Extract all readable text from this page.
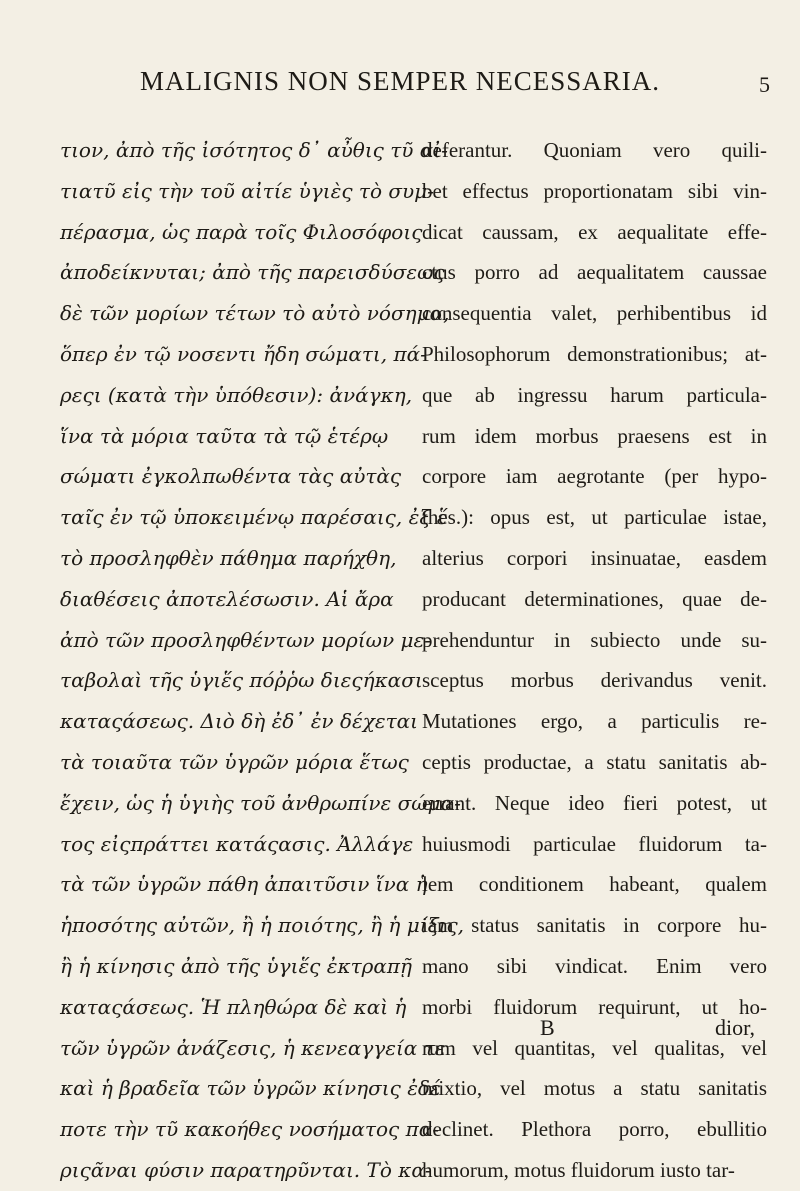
MALIGNIS NON SEMPER NECESSARIA.	5
τιον, ἀπὸ τῆς ἰσότητος δ᾽ αὖθις τῦ αἰ-
τιατῦ εἰς τὴν τοῦ αἰτίε ὑγιὲς τὸ συμ-
πέρασμα, ὡς παρὰ τοῖς Φιλοσόφοις
ἀποδείκνυται; ἀπὸ τῆς παρεισδύσεως
δὲ τῶν μορίων τέτων τὸ αὐτὸ νόσημα,
ὅπερ ἐν τῷ νοσεντι ἤδη σώματι, πά-
ρεςι (κατὰ τὴν ὑπόθεσιν): ἀνάγκη,
ἵνα τὰ μόρια ταῦτα τὰ τῷ ἑτέρῳ
σώματι ἐγκολπωθέντα τὰς αὐτὰς
ταῖς ἐν τῷ ὑποκειμένῳ παρέσαις, ἐξ ἕ
τὸ προσληφθὲν πάθημα παρήχθη,
διαθέσεις ἀποτελέσωσιν. Αἱ ἄρα
ἀπὸ τῶν προσληφθέντων μορίων με-
ταβολαὶ τῆς ὑγιἕς πόῤῥω διεςήκασι
καταςάσεως. Διὸ δὴ ἐδ᾽ ἐν δέχεται
τὰ τοιαῦτα τῶν ὑγρῶν μόρια ἕτως
ἔχειν, ὡς ἡ ὑγιὴς τοῦ ἀνθρωπίνε σώμα-
τος εἰςπράττει κατάςασις. Ἀλλάγε
τὰ τῶν ὑγρῶν πάθη ἀπαιτῦσιν ἵνα ἡ
ἡποσότης αὐτῶν, ἢ ἡ ποιότης, ἢ ἡ μίξις,
ἢ ἡ κίνησις ἀπὸ τῆς ὑγιἕς ἐκτραπῇ
καταςάσεως. Ἡ πληθώρα δὲ καὶ ἡ
τῶν ὑγρῶν ἀνάζεσις, ἡ κενεαγγεία τε
καὶ ἡ βραδεῖα τῶν ὑγρῶν κίνησις ἐδέ
ποτε τὴν τῦ κακοήθες νοσήματος πα-
ριςᾶναι φύσιν παρατηρῦνται. Τὸ κα-
deferantur. Quoniam vero quili-
bet effectus proportionatam sibi vin-
dicat caussam, ex aequalitate effe-
ctus porro ad aequalitatem caussae
consequentia valet, perhibentibus id
Philosophorum demonstrationibus; at-
que ab ingressu harum particula-
rum idem morbus praesens est in
corpore iam aegrotante (per hypo-
thes.): opus est, ut particulae istae,
alterius corpori insinuatae, easdem
producant determinationes, quae de-
prehenduntur in subiecto unde su-
sceptus morbus derivandus venit.
Mutationes ergo, a particulis re-
ceptis productae, a statu sanitatis ab-
errant. Neque ideo fieri potest, ut
huiusmodi particulae fluidorum ta-
lem conditionem habeant, qualem
iam status sanitatis in corpore hu-
mano sibi vindicat. Enim vero
morbi fluidorum requirunt, ut ho-
rum vel quantitas, vel qualitas, vel
mixtio, vel motus a statu sanitatis
declinet. Plethora porro, ebullitio
humorum, motus fluidorum iusto tar-
B	dior,
